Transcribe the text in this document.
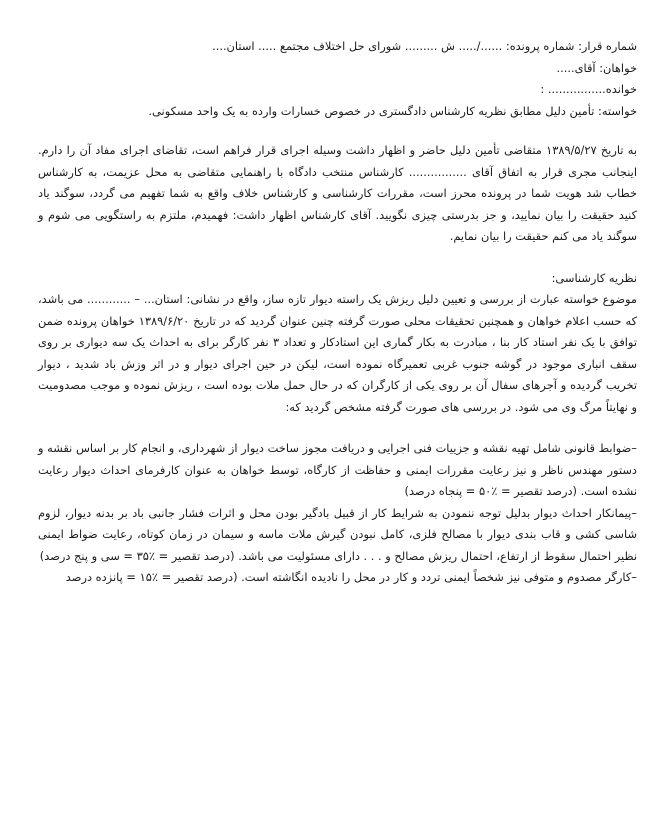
شماره قرار: شماره پرونده: ....../..... ش ......... شورای حل اختلاف مجتمع ..... استان....
خواهان: آقای.....
خوانده................ :
خواسته: تأمین دلیل مطابق نظریه کارشناس دادگستری در خصوص خسارات وارده به یک واحد مسکونی.
به تاریخ ۱۳۸۹/۵/۲۷ متقاضی تأمین دلیل حاضر و اظهار داشت وسیله اجرای قرار فراهم است، تقاضای اجرای مفاد آن را دارم. اینجانب مجری قرار به اتفاق آقای ................ کارشناس منتخب دادگاه با راهنمایی متقاضی به محل عزیمت، به کارشناس خطاب شد هویت شما در پرونده محرز است، مقررات کارشناسی و کارشناس خلاف واقع به شما تفهیم می گردد، سوگند یاد کنید حقیقت را بیان نمایید، و جز بدرستی چیزی نگویید. آقای کارشناس اظهار داشت: فهمیدم، ملتزم به راستگویی می شوم و سوگند یاد می کنم حقیقت را بیان نمایم.
نظریه کارشناسی:
موضوع خواسته عبارت از بررسی و تعیین دلیل ریزش یک راسته دیوار تازه ساز، واقع در نشانی: استان... – ............ می باشد، که حسب اعلام خواهان و همچنین تحقیقات محلی صورت گرفته چنین عنوان گردید که در تاریخ ۱۳۸۹/۶/۲۰ خواهان پرونده ضمن توافق با یک نفر استاد کار بنا ، مبادرت به بکار گماری این استادکار و تعداد ۳ نفر کارگر برای به احداث یک سه دیواری بر روی سقف انباری موجود در گوشه جنوب غربی تعمیرگاه نموده است، لیکن در حین اجرای دیوار و در اثر وزش باد شدید ، دیوار تخریب گردیده و آجرهای سفال آن بر روی یکی از کارگران که در حال حمل ملات بوده است ، ریزش نموده و موجب مصدومیت و نهایتاً مرگ وی می شود. در بررسی های صورت گرفته مشخص گردید که:
–ضوابط قانونی شامل تهیه نقشه و جزییات فنی اجرایی و دریافت مجوز ساخت دیوار از شهرداری، و انجام کار بر اساس نقشه و دستور مهندس ناظر و نیز رعایت مقررات ایمنی و حفاظت از کارگاه، توسط خواهان به عنوان کارفرمای احداث دیوار رعایت نشده است. (درصد تقصیر = ٪۵۰ = پنجاه درصد)
–پیمانکار احداث دیوار بدلیل توجه ننمودن به شرایط کار از قبیل بادگیر بودن محل و اثرات فشار جانبی باد بر بدنه دیوار، لزوم شاسی کشی و قاب بندی دیوار با مصالح فلزی، کامل نبودن گیرش ملات ماسه و سیمان در زمان کوتاه، رعایت ضواط ایمنی نظیر احتمال سقوط از ارتفاع، احتمال ریزش مصالح و . . . دارای مسئولیت می باشد. (درصد تقصیر = ٪۳۵ = سی و پنج درصد)
–کارگر مصدوم و متوفی نیز شخصاً ایمنی تردد و کار در محل را نادیده انگاشته است. (درصد تقصیر = ٪۱۵ = پانزده درصد
